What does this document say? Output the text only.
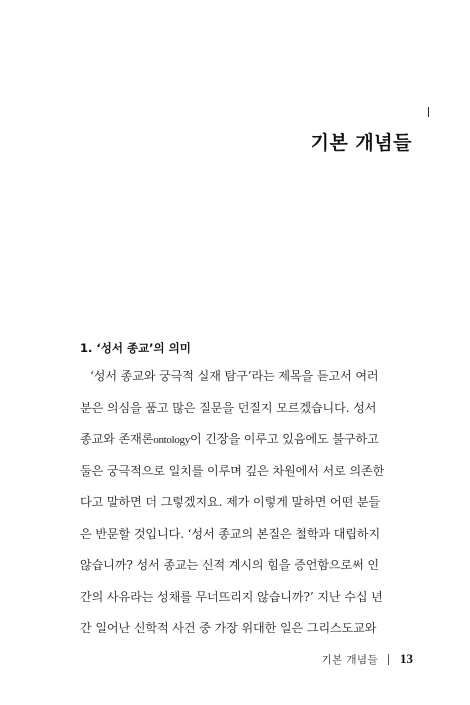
기본 개념들
1. ‘성서 종교’의 의미
‘성서 종교와 궁극적 실재 탐구’라는 제목을 듣고서 여러
분은 의심을 품고 많은 질문을 던질지 모르겠습니다. 성서
종교와 존재론ontology이 긴장을 이루고 있음에도 불구하고
둘은 궁극적으로 일치를 이루며 깊은 차원에서 서로 의존한
다고 말하면 더 그렇겠지요. 제가 이렇게 말하면 어떤 분들
은 반문할 것입니다. ‘성서 종교의 본질은 철학과 대립하지
않습니까? 성서 종교는 신적 계시의 힘을 증언함으로써 인
간의 사유라는 성채를 무너뜨리지 않습니까?’ 지난 수십 년
간 일어난 신학적 사건 중 가장 위대한 일은 그리스도교와
기본 개념들 13
